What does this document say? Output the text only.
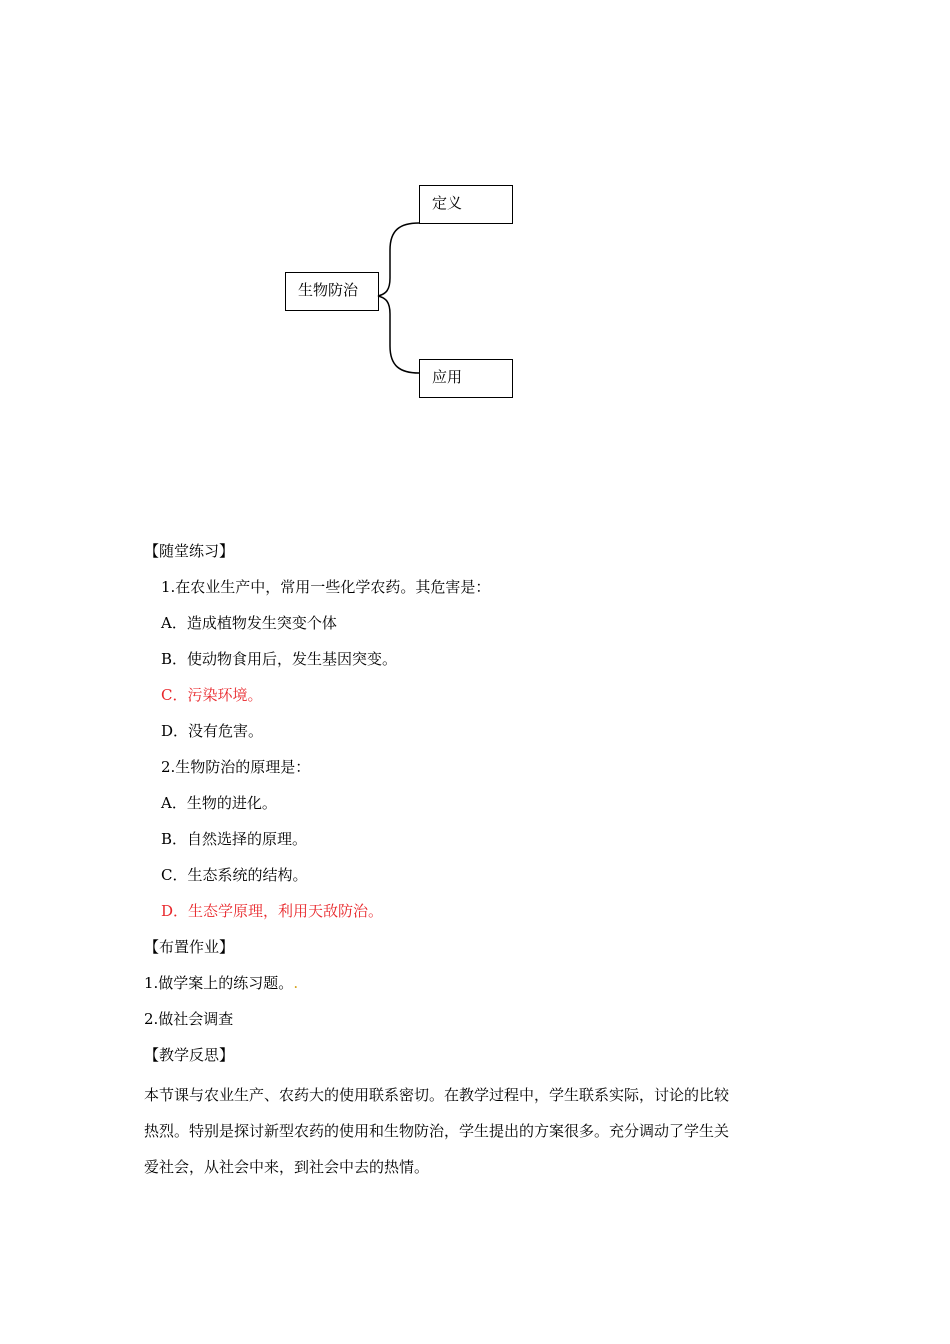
定义
生物防治
应用
【随堂练习】
1.在农业生产中，常用一些化学农药。其危害是：
A．造成植物发生突变个体
B．使动物食用后，发生基因突变。
C．污染环境。
D．没有危害。
2.生物防治的原理是：
A．生物的进化。
B．自然选择的原理。
C．生态系统的结构。
D．生态学原理，利用天敌防治。
【布置作业】
1.做学案上的练习题。.
2.做社会调查
【教学反思】
本节课与农业生产、农药大的使用联系密切。在教学过程中，学生联系实际，讨论的比较
热烈。特别是探讨新型农药的使用和生物防治，学生提出的方案很多。充分调动了学生关
爱社会，从社会中来，到社会中去的热情。
